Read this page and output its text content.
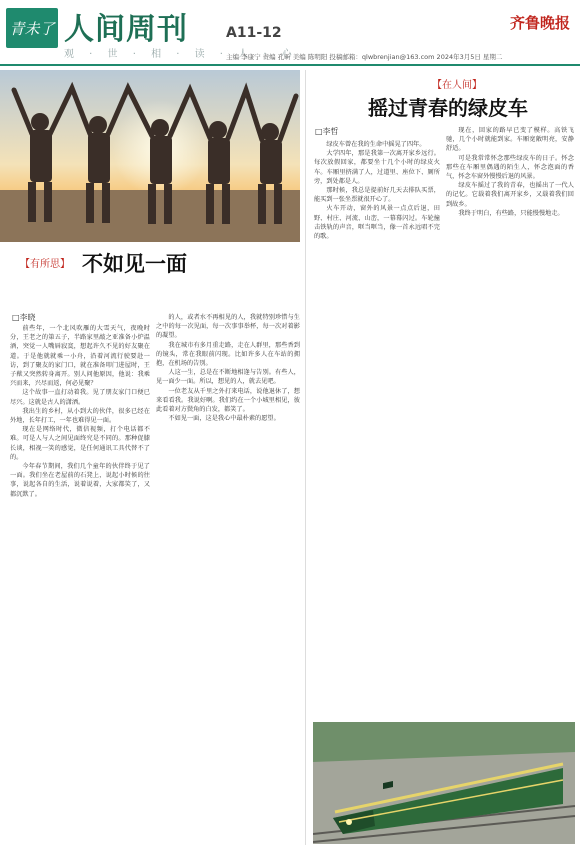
青未了 人间周刊
观 · 世 · 相 · 读 · 人 · 心
A11-12
齐鲁晚报
主编 李康宁 责编 孔昕 美编 陈明阳 投稿邮箱：qlwbrenjian@163.com 2024年3月5日 星期二
【有所思】 不如见一面
□李晓

前些年，一个北风吹雁的大雪天气，夜晚时分，王老之的第五子，半路家里敲之亚准备小炉温酒，突觉一人嘴唇寂寞，想起许久不见的好友聚在道。于是他就就乘一小舟，沿着河流行驶要赴一访，到了聚友的家门口，就在准备叩门进屋时，王子猷又突然转身离开。别人问他原因，他说：我乘兴而来，兴尽而返，何必见聚？

这个故事一直打动着我。见了朋友家门口便已尽兴。这就是古人的潇洒。

我出生的乡村，从小到大的伙伴，很多已经在外地，长年打工，一年也难得见一面。

现在是网络时代，微信视频，打个电话都不难。可是人与人之间见面终究是不同的。那种促膝长谈，相视一笑的感觉，是任何通讯工具代替不了的。

今年春节期间，我们几个童年的伙伴终于见了一面。我们坐在老屋前的石凳上，说起小时候的往事，说起各自的生活，说着说着，大家都笑了，又都沉默了。

的人，或者水不再相见的人，我就特别珍惜与生之中的每一次见面，每一次事事举杯，每一次对着影的凝望。

我在城市有多月重走路，走在人群里，那些香到的镜头，常在我眼前闪现。比如许多人在车站的拥抱，在机场的告别。

人这一生，总是在不断地相逢与告别。有些人，见一面少一面。所以，想见的人，就去见吧。

一位老友从千里之外打来电话，说他退休了，想来看看我。我说好啊。我们约在一个小城里相见，彼此看着对方鬓角的白发，都笑了。

不如见一面，这是我心中最朴素的愿望。

【在人间】
摇过青春的绿皮车
□李哲

绿皮车曾在我的生命中摇晃了四年。

大学四年，那是我第一次离开家乡远行。每次放假回家，都要坐十几个小时的绿皮火车。车厢里挤满了人，过道里、座位下、厕所旁，到处都是人。

那时候，我总是提前好几天去排队买票，能买到一张坐票就很开心了。

火车开动，窗外的风景一点点后退，田野、村庄、河流、山峦，一幕幕闪过。车轮撞击铁轨的声音，哐当哐当，像一首永远唱不完的歌。

现在，回家的路早已变了模样。高铁飞驰，几个小时就能到家。车厢宽敞明亮，安静舒适。

可是我常常怀念那些绿皮车的日子。怀念那些在车厢里偶遇的陌生人，怀念泡面的香气，怀念车窗外慢慢后退的风景。

绿皮车摇过了我的青春，也摇出了一代人的记忆。它载着我们离开家乡，又载着我们回到故乡。

我终于明白，有些路，只能慢慢地走。
